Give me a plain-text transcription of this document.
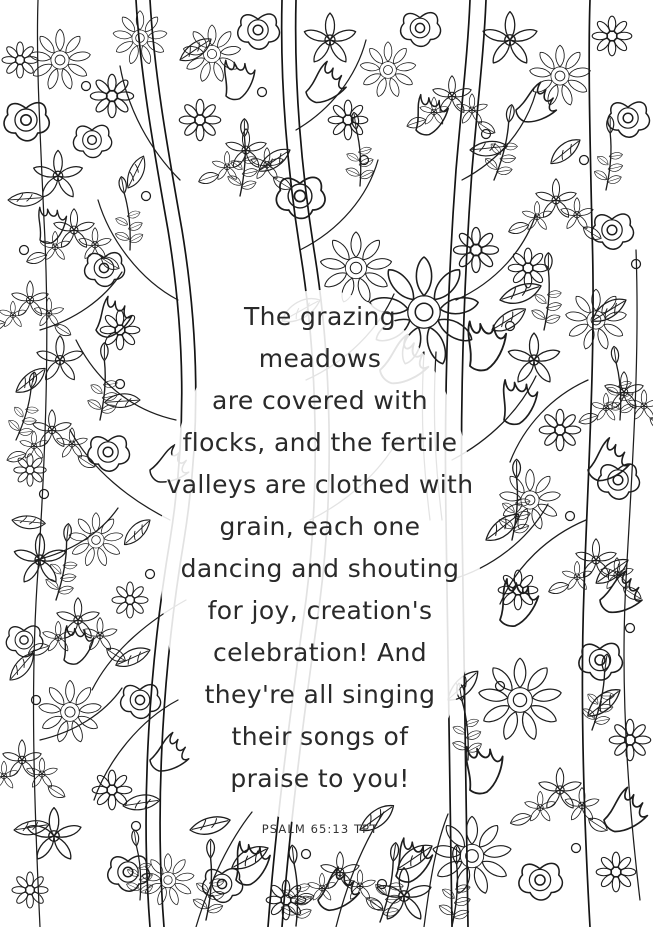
The grazing
meadows
are covered with
flocks, and the fertile
valleys are clothed with
grain, each one
dancing and shouting
for joy, creation's
celebration! And
they're all singing
their songs of
praise to you!
PSALM 65:13 TPT
